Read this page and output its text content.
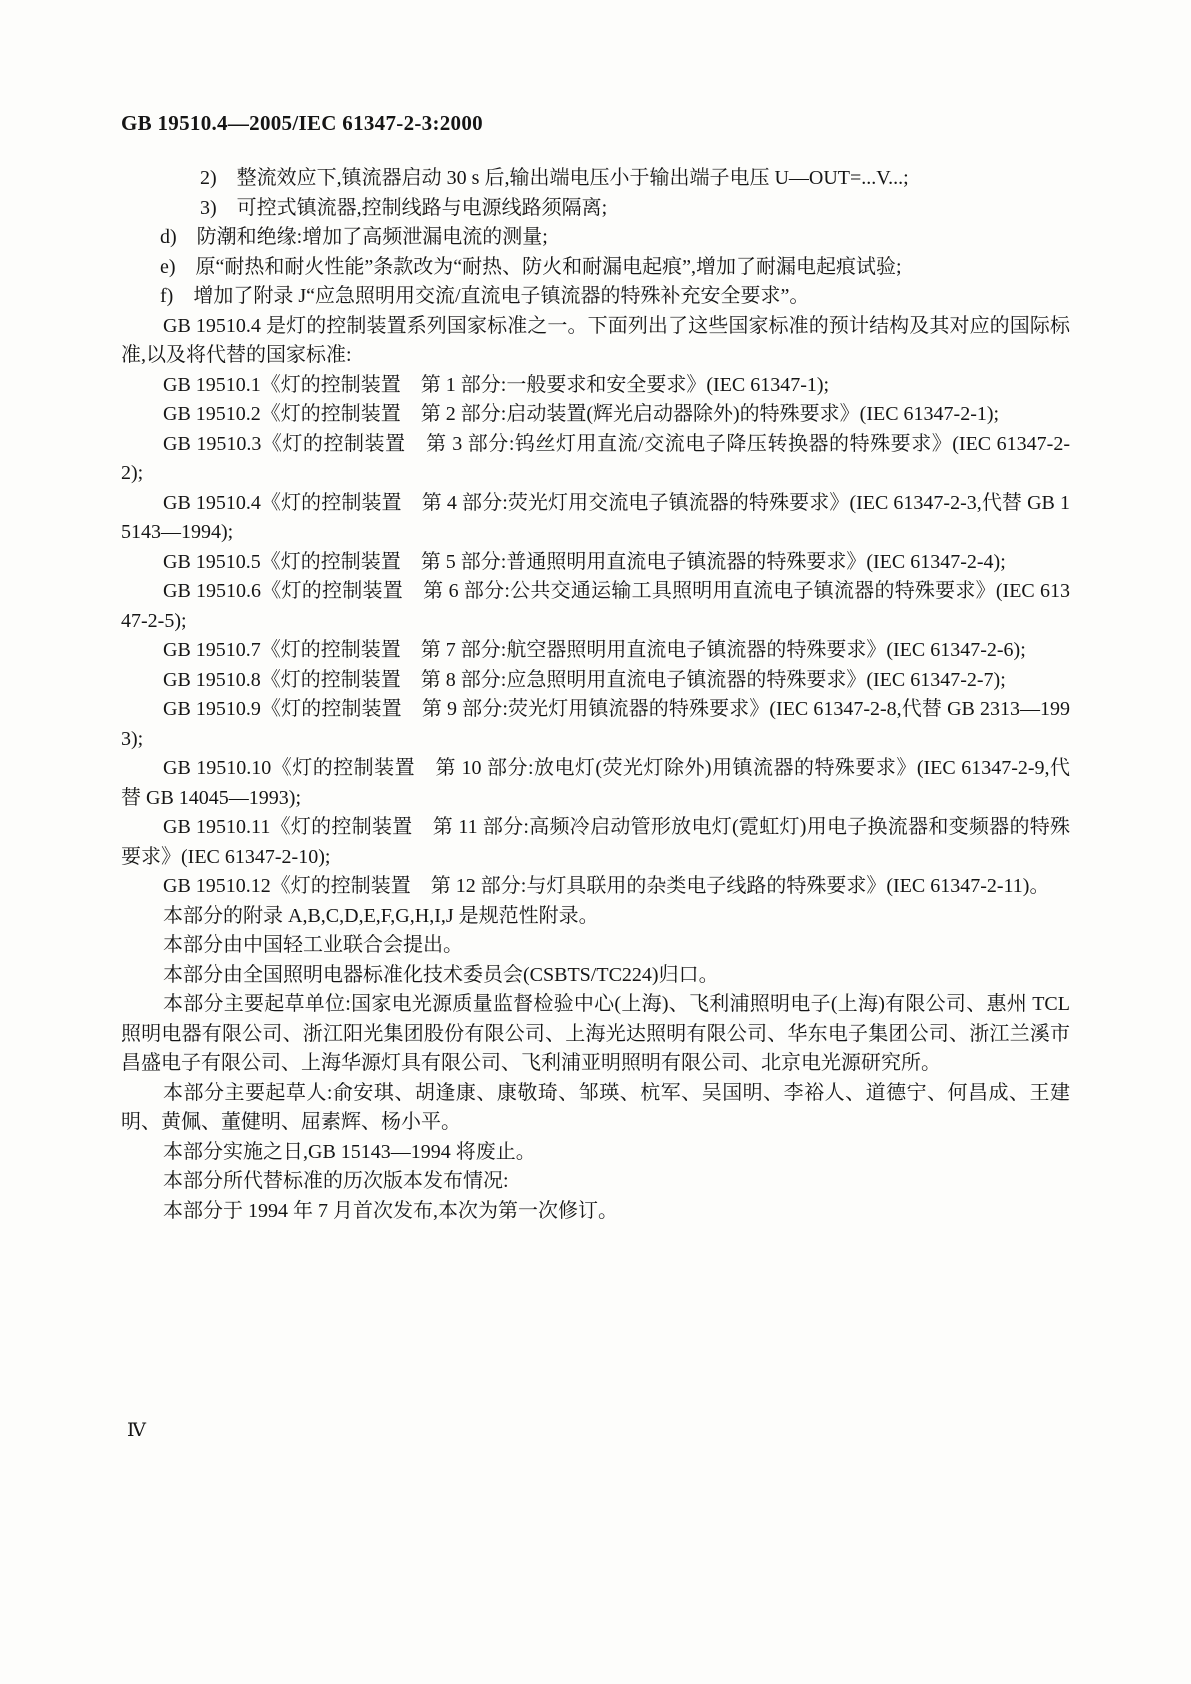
GB 19510.4—2005/IEC 61347-2-3:2000

2)　整流效应下,镇流器启动 30 s 后,输出端电压小于输出端子电压 U—OUT=...V...;

3)　可控式镇流器,控制线路与电源线路须隔离;

d)　防潮和绝缘:增加了高频泄漏电流的测量;

e)　原“耐热和耐火性能”条款改为“耐热、防火和耐漏电起痕”,增加了耐漏电起痕试验;

f)　增加了附录 J“应急照明用交流/直流电子镇流器的特殊补充安全要求”。

GB 19510.4 是灯的控制装置系列国家标准之一。下面列出了这些国家标准的预计结构及其对应的国际标准,以及将代替的国家标准:

GB 19510.1《灯的控制装置　第 1 部分:一般要求和安全要求》(IEC 61347-1);

GB 19510.2《灯的控制装置　第 2 部分:启动装置(辉光启动器除外)的特殊要求》(IEC 61347-2-1);

GB 19510.3《灯的控制装置　第 3 部分:钨丝灯用直流/交流电子降压转换器的特殊要求》(IEC 61347-2-2);

GB 19510.4《灯的控制装置　第 4 部分:荧光灯用交流电子镇流器的特殊要求》(IEC 61347-2-3,代替 GB 15143—1994);

GB 19510.5《灯的控制装置　第 5 部分:普通照明用直流电子镇流器的特殊要求》(IEC 61347-2-4);

GB 19510.6《灯的控制装置　第 6 部分:公共交通运输工具照明用直流电子镇流器的特殊要求》(IEC 61347-2-5);

GB 19510.7《灯的控制装置　第 7 部分:航空器照明用直流电子镇流器的特殊要求》(IEC 61347-2-6);

GB 19510.8《灯的控制装置　第 8 部分:应急照明用直流电子镇流器的特殊要求》(IEC 61347-2-7);

GB 19510.9《灯的控制装置　第 9 部分:荧光灯用镇流器的特殊要求》(IEC 61347-2-8,代替 GB 2313—1993);

GB 19510.10《灯的控制装置　第 10 部分:放电灯(荧光灯除外)用镇流器的特殊要求》(IEC 61347-2-9,代替 GB 14045—1993);

GB 19510.11《灯的控制装置　第 11 部分:高频冷启动管形放电灯(霓虹灯)用电子换流器和变频器的特殊要求》(IEC 61347-2-10);

GB 19510.12《灯的控制装置　第 12 部分:与灯具联用的杂类电子线路的特殊要求》(IEC 61347-2-11)。

本部分的附录 A,B,C,D,E,F,G,H,I,J 是规范性附录。

本部分由中国轻工业联合会提出。

本部分由全国照明电器标准化技术委员会(CSBTS/TC224)归口。

本部分主要起草单位:国家电光源质量监督检验中心(上海)、飞利浦照明电子(上海)有限公司、惠州 TCL 照明电器有限公司、浙江阳光集团股份有限公司、上海光达照明有限公司、华东电子集团公司、浙江兰溪市昌盛电子有限公司、上海华源灯具有限公司、飞利浦亚明照明有限公司、北京电光源研究所。

本部分主要起草人:俞安琪、胡逢康、康敬琦、邹瑛、杭军、吴国明、李裕人、道德宁、何昌成、王建明、黄佩、董健明、屈素辉、杨小平。

本部分实施之日,GB 15143—1994 将废止。

本部分所代替标准的历次版本发布情况:

本部分于 1994 年 7 月首次发布,本次为第一次修订。

Ⅳ
